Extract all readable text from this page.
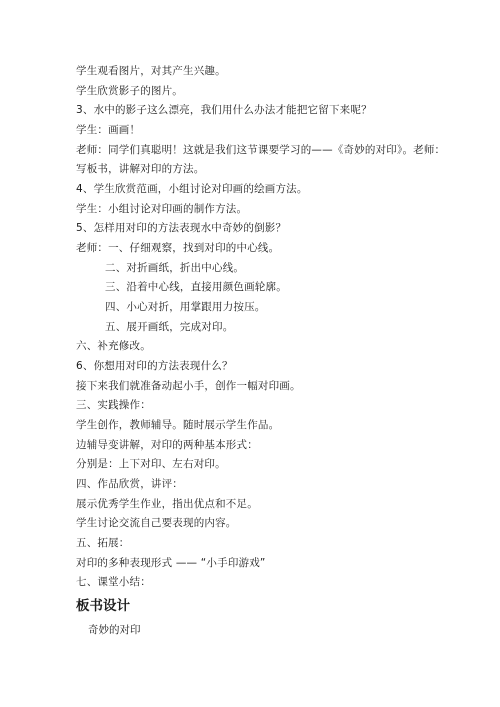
学生观看图片，对其产生兴趣。
学生欣赏影子的图片。
3、水中的影子这么漂亮，我们用什么办法才能把它留下来呢？
学生：画画！
老师：同学们真聪明！这就是我们这节课要学习的——《奇妙的对印》。老师：
写板书，讲解对印的方法。
4、学生欣赏范画，小组讨论对印画的绘画方法。
学生：小组讨论对印画的制作方法。
5、怎样用对印的方法表现水中奇妙的倒影？
老师：一、仔细观察，找到对印的中心线。
二、对折画纸，折出中心线。
三、沿着中心线，直接用颜色画轮廓。
四、小心对折，用掌跟用力按压。
五、展开画纸，完成对印。
六、补充修改。
6、你想用对印的方法表现什么？
接下来我们就准备动起小手，创作一幅对印画。
三、实践操作：
学生创作，教师辅导。随时展示学生作品。
边辅导变讲解，对印的两种基本形式：
分别是：上下对印、左右对印。
四、作品欣赏，讲评：
展示优秀学生作业，指出优点和不足。
学生讨论交流自己要表现的内容。
五、拓展：
对印的多种表现形式 —— “小手印游戏”
七、课堂小结：
板书设计
奇妙的对印
